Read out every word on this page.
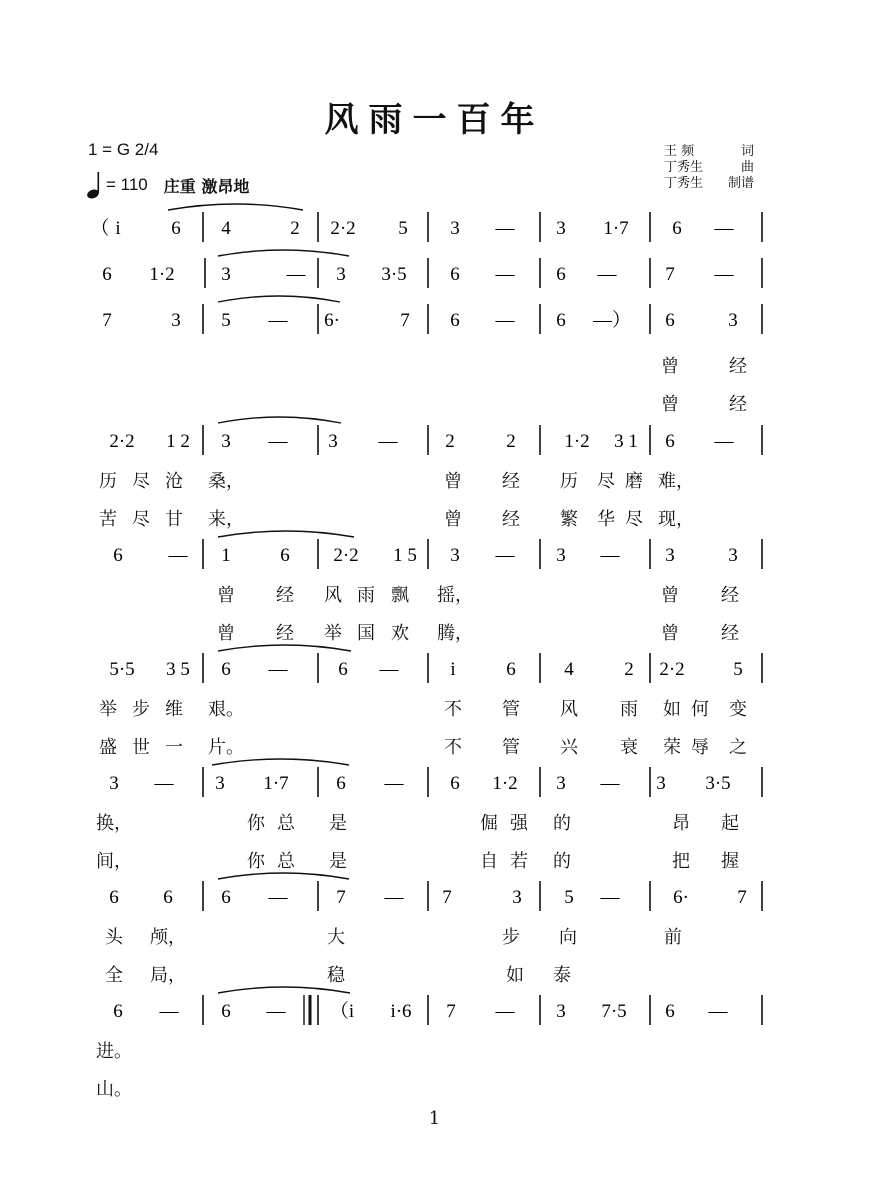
风雨一百年
1 = G 2/4
= 110 庄重 激昂地
王 频	词
丁秀生	曲
丁秀生 制谱
（ i	6 4	2 2·2 5 3 — 3 1·7 6 —
6 1·2 3	— 3 3·5 6 — 6 —	7 —
7	3 5 — 6·	7 6 — 6 —） 6	3
2·2 1 2 3 — 3 —	2	2	1·2 3 1 6 —
6 — 1	6 2·2 1 5 3 — 3 — 3	3
5·5 3 5 6 —	6 —	i	6	4	2 2·2	5
3 — 3 1·7	6 — 6 1·2 3 — 3 3·5
6 6	6 —	7 — 7	3 5 —	6·	7
6 — 6 — （i i·6 7 — 3 7·5 6 —
曾	经
曾	经
历 尽 沧 桑，	曾 经 历 尽 磨 难，
苦 尽 甘 来，	曾 经 繁 华 尽 现，
曾 经 风 雨 飘 摇，	曾 经
曾 经 举 国 欢 腾，	曾 经
举 步 维 艰。	不 管 风 雨 如 何 变
盛 世 一 片。	不 管 兴 衰 荣 辱 之
换，	你 总 是	倔 强 的	昂 起
间，	你 总 是	自 若 的	把 握
头 颅，	大	步 向	前
全 局，	稳	如 泰
进。
山。
1
